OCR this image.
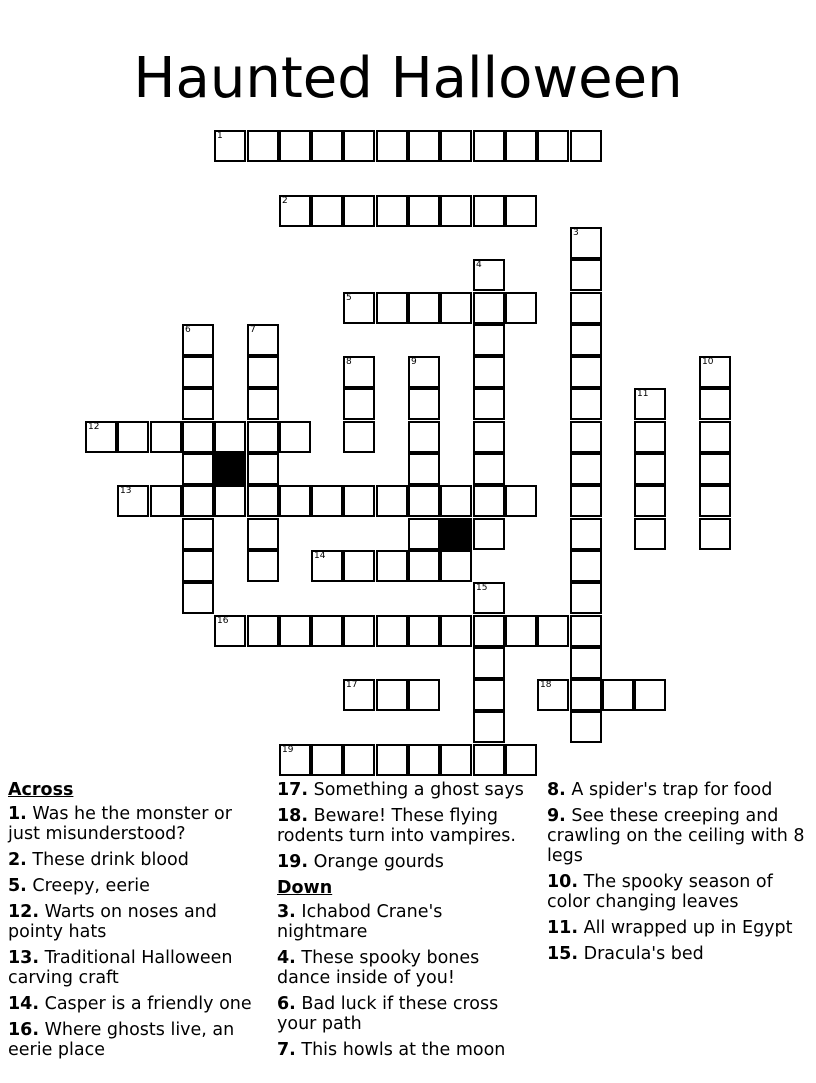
Haunted Halloween
1
2
3
4
5
6	7
8	9	10
11
12
13
14
15
16
17	18
19
Across
1. Was he the monster or just misunderstood?
2. These drink blood
5. Creepy, eerie
12. Warts on noses and pointy hats
13. Traditional Halloween carving craft
14. Casper is a friendly one
16. Where ghosts live, an eerie place
17. Something a ghost says
18. Beware! These flying rodents turn into vampires.
19. Orange gourds
Down
3. Ichabod Crane's nightmare
4. These spooky bones dance inside of you!
6. Bad luck if these cross your path
7. This howls at the moon
8. A spider's trap for food
9. See these creeping and crawling on the ceiling with 8 legs
10. The spooky season of color changing leaves
11. All wrapped up in Egypt
15. Dracula's bed
